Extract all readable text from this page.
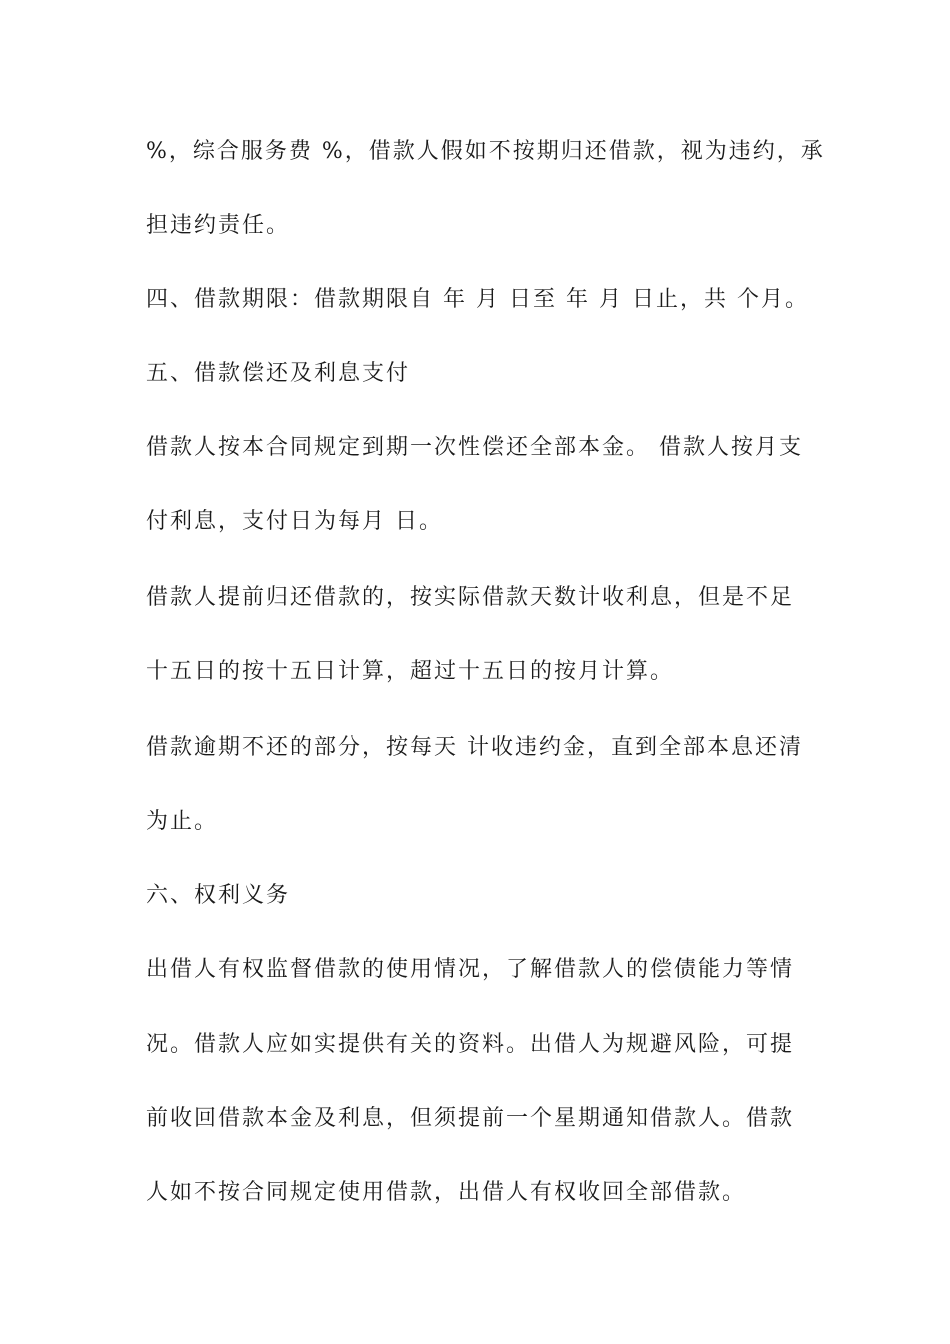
%，综合服务费 %，借款人假如不按期归还借款，视为违约，承
担违约责任。
四、借款期限：借款期限自 年 月 日至 年 月 日止，共 个月。
五、借款偿还及利息支付
借款人按本合同规定到期一次性偿还全部本金。 借款人按月支
付利息，支付日为每月 日。
借款人提前归还借款的，按实际借款天数计收利息，但是不足
十五日的按十五日计算，超过十五日的按月计算。
借款逾期不还的部分，按每天 计收违约金，直到全部本息还清
为止。
六、权利义务
出借人有权监督借款的使用情况，了解借款人的偿债能力等情
况。借款人应如实提供有关的资料。出借人为规避风险，可提
前收回借款本金及利息，但须提前一个星期通知借款人。借款
人如不按合同规定使用借款，出借人有权收回全部借款。
